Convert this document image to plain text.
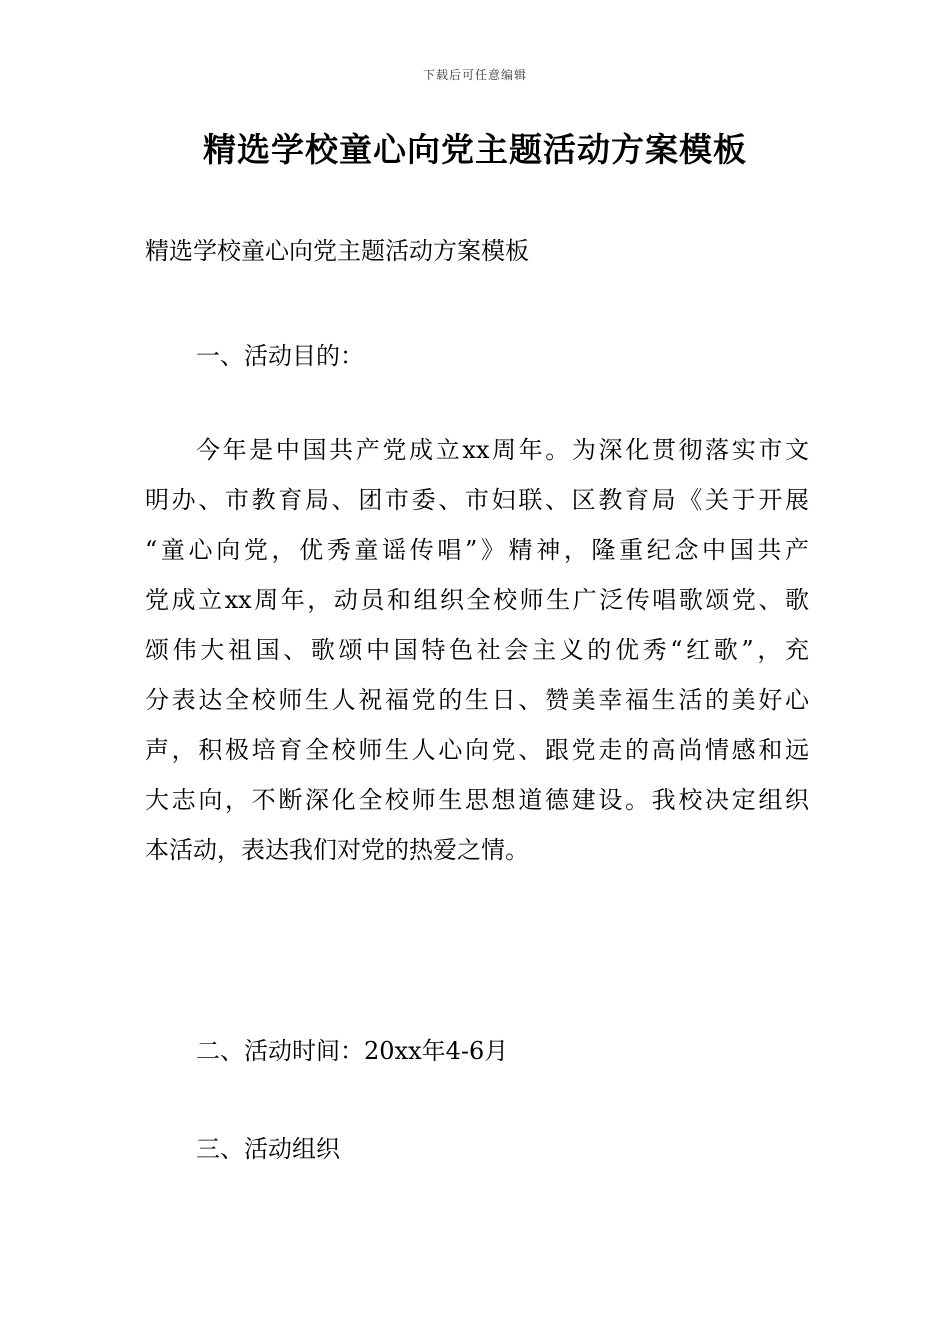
下载后可任意编辑
精选学校童心向党主题活动方案模板
精选学校童心向党主题活动方案模板
一、活动目的：
今年是中国共产党成立xx周年。为深化贯彻落实市文
明办、市教育局、团市委、市妇联、区教育局《关于开展
“童心向党，优秀童谣传唱”》精神，隆重纪念中国共产
党成立xx周年，动员和组织全校师生广泛传唱歌颂党、歌
颂伟大祖国、歌颂中国特色社会主义的优秀“红歌”，充
分表达全校师生人祝福党的生日、赞美幸福生活的美好心
声，积极培育全校师生人心向党、跟党走的高尚情感和远
大志向，不断深化全校师生思想道德建设。我校决定组织
本活动，表达我们对党的热爱之情。
二、活动时间：20xx年4-6月
三、活动组织
